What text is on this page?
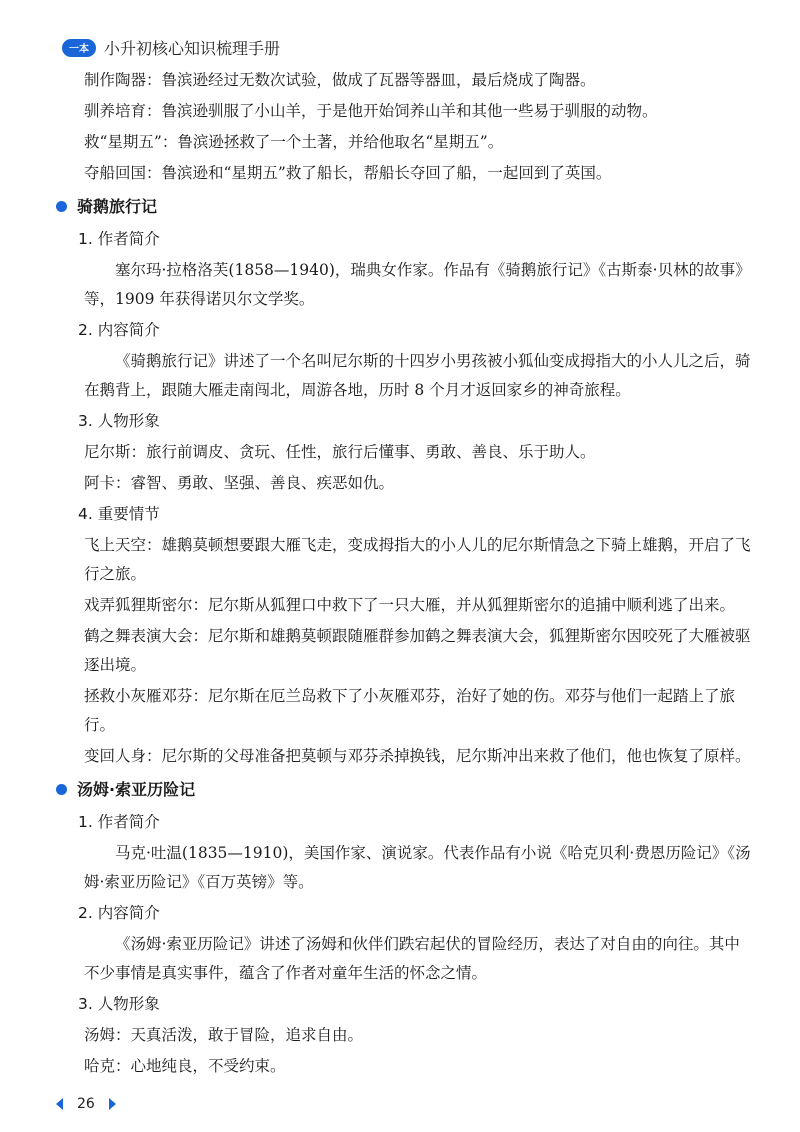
一本 小升初核心知识梳理手册

制作陶器：鲁滨逊经过无数次试验，做成了瓦器等器皿，最后烧成了陶器。

驯养培育：鲁滨逊驯服了小山羊，于是他开始饲养山羊和其他一些易于驯服的动物。

救“星期五”：鲁滨逊拯救了一个土著，并给他取名“星期五”。

夺船回国：鲁滨逊和“星期五”救了船长，帮船长夺回了船，一起回到了英国。

骑鹅旅行记
1. 作者简介

塞尔玛·拉格洛芙(1858—1940)，瑞典女作家。作品有《骑鹅旅行记》《古斯泰·贝林的故事》等，1909 年获得诺贝尔文学奖。

2. 内容简介

《骑鹅旅行记》讲述了一个名叫尼尔斯的十四岁小男孩被小狐仙变成拇指大的小人儿之后，骑在鹅背上，跟随大雁走南闯北，周游各地，历时 8 个月才返回家乡的神奇旅程。

3. 人物形象

尼尔斯：旅行前调皮、贪玩、任性，旅行后懂事、勇敢、善良、乐于助人。

阿卡：睿智、勇敢、坚强、善良、疾恶如仇。

4. 重要情节

飞上天空：雄鹅莫顿想要跟大雁飞走，变成拇指大的小人儿的尼尔斯情急之下骑上雄鹅，开启了飞行之旅。

戏弄狐狸斯密尔：尼尔斯从狐狸口中救下了一只大雁，并从狐狸斯密尔的追捕中顺利逃了出来。

鹤之舞表演大会：尼尔斯和雄鹅莫顿跟随雁群参加鹤之舞表演大会，狐狸斯密尔因咬死了大雁被驱逐出境。

拯救小灰雁邓芬：尼尔斯在厄兰岛救下了小灰雁邓芬，治好了她的伤。邓芬与他们一起踏上了旅行。

变回人身：尼尔斯的父母准备把莫顿与邓芬杀掉换钱，尼尔斯冲出来救了他们，他也恢复了原样。

汤姆·索亚历险记
1. 作者简介

马克·吐温(1835—1910)，美国作家、演说家。代表作品有小说《哈克贝利·费恩历险记》《汤姆·索亚历险记》《百万英镑》等。

2. 内容简介

《汤姆·索亚历险记》讲述了汤姆和伙伴们跌宕起伏的冒险经历，表达了对自由的向往。其中不少事情是真实事件，蕴含了作者对童年生活的怀念之情。

3. 人物形象

汤姆：天真活泼，敢于冒险，追求自由。

哈克：心地纯良，不受约束。

26
